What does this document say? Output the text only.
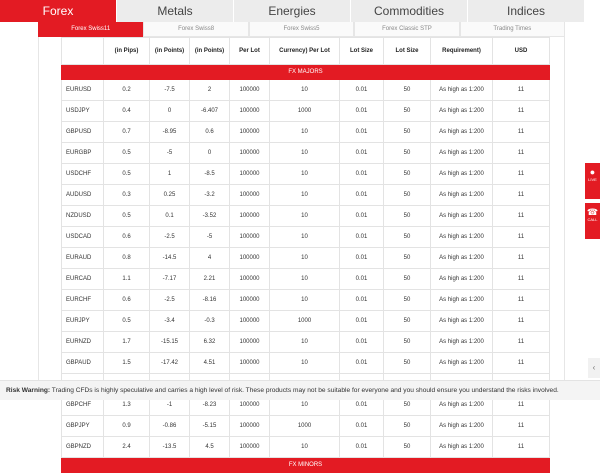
Forex	Metals	Energies	Commodities	Indices
Forex Swiss11	Forex Swiss8	Forex Swiss5	Forex Classic STP	Trading Times
	(in Pips)	(in Points)	(in Points)	Per Lot	Currency) Per Lot	Lot Size	Lot Size	Requirement)	USD
FX MAJORS									
EURUSD	0.2	-7.5	2	100000	10	0.01	50	As high as 1:200	11
USDJPY	0.4	0	-6.407	100000	1000	0.01	50	As high as 1:200	11
GBPUSD	0.7	-8.95	0.6	100000	10	0.01	50	As high as 1:200	11
EURGBP	0.5	-5	0	100000	10	0.01	50	As high as 1:200	11
USDCHF	0.5	1	-8.5	100000	10	0.01	50	As high as 1:200	11
AUDUSD	0.3	0.25	-3.2	100000	10	0.01	50	As high as 1:200	11
NZDUSD	0.5	0.1	-3.52	100000	10	0.01	50	As high as 1:200	11
USDCAD	0.6	-2.5	-5	100000	10	0.01	50	As high as 1:200	11
EURAUD	0.8	-14.5	4	100000	10	0.01	50	As high as 1:200	11
EURCAD	1.1	-7.17	2.21	100000	10	0.01	50	As high as 1:200	11
EURCHF	0.6	-2.5	-8.16	100000	10	0.01	50	As high as 1:200	11
EURJPY	0.5	-3.4	-0.3	100000	1000	0.01	50	As high as 1:200	11
EURNZD	1.7	-15.15	6.32	100000	10	0.01	50	As high as 1:200	11
GBPAUD	1.5	-17.42	4.51	100000	10	0.01	50	As high as 1:200	11

GBPCHF	1.3	-1	-8.23	100000	10	0.01	50	As high as 1:200	11
GBPJPY	0.9	-0.86	-5.15	100000	1000	0.01	50	As high as 1:200	11
GBPNZD	2.4	-13.5	4.5	100000	10	0.01	50	As high as 1:200	11
FX MINORS									
●
LIVE
☎
CALL
‹
Risk Warning: Trading CFDs is highly speculative and carries a high level of risk. These products may not be suitable for everyone and you should ensure you understand the risks involved.
